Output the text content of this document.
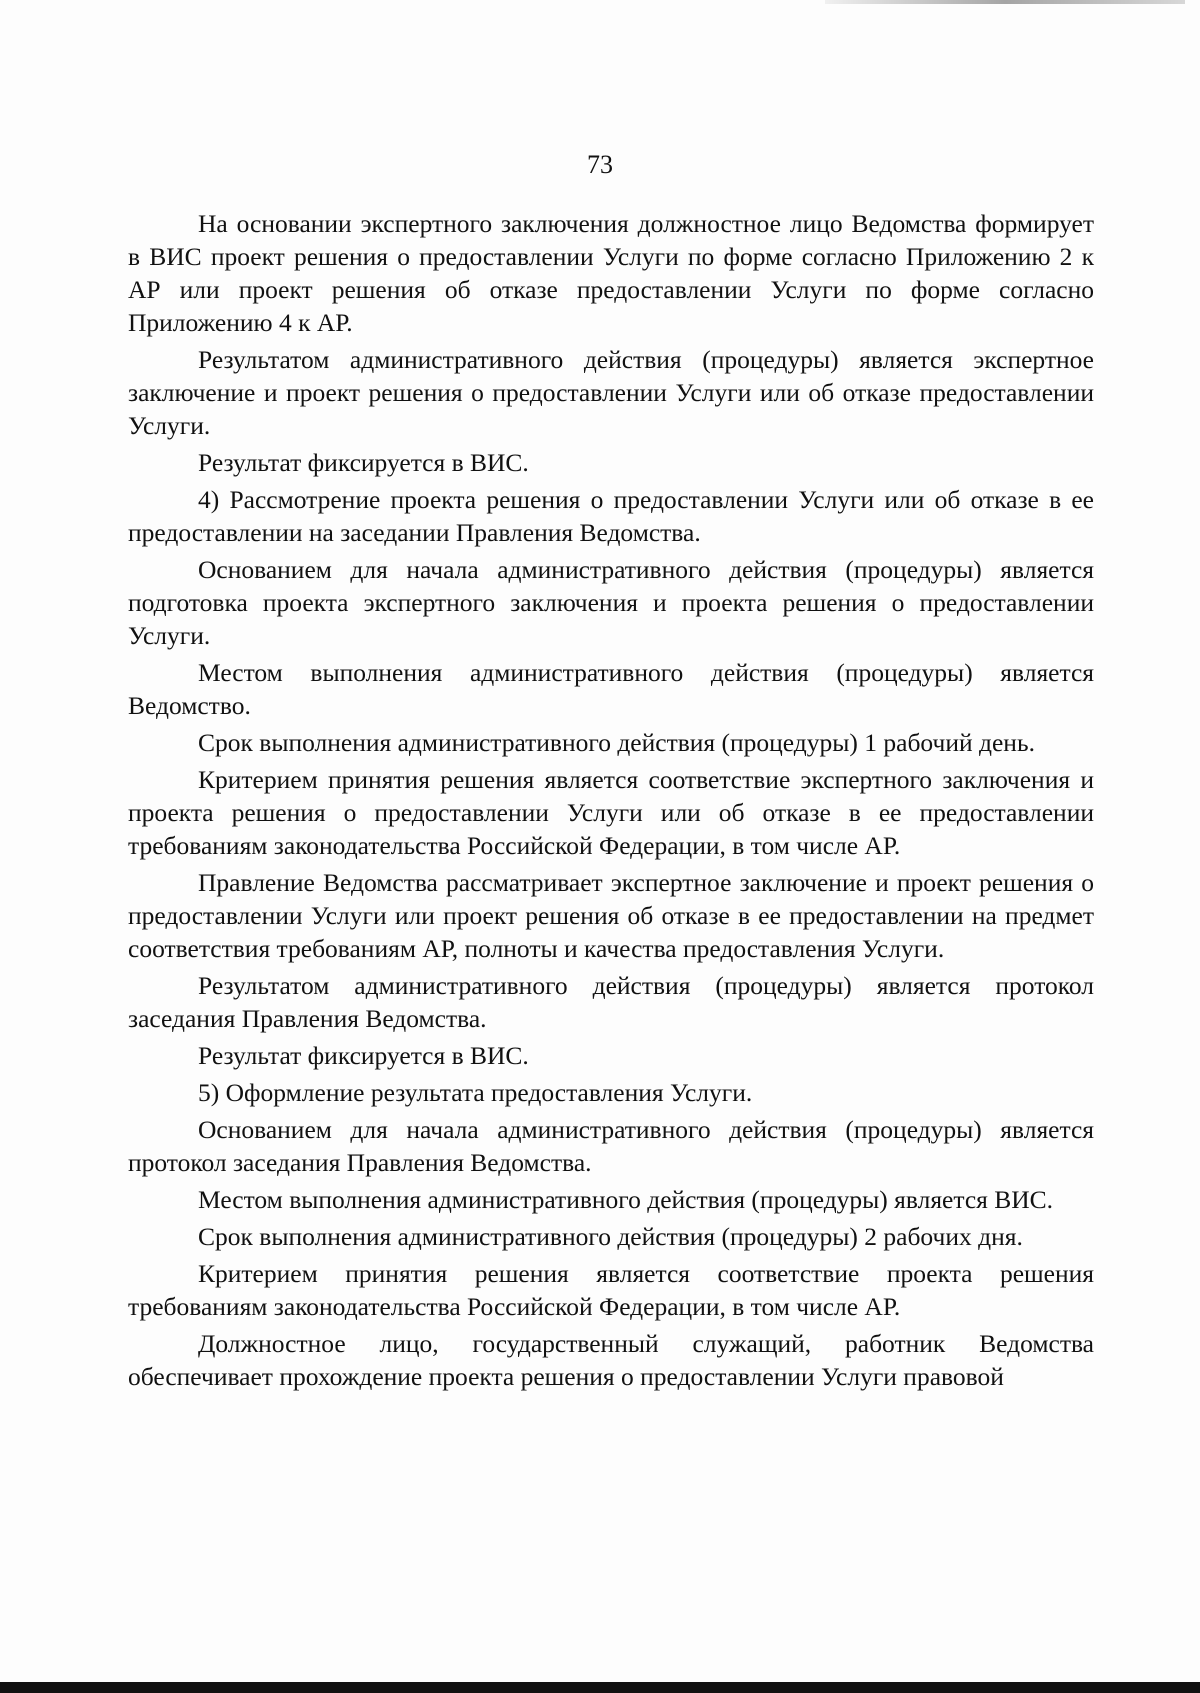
73

На основании экспертного заключения должностное лицо Ведомства формирует в ВИС проект решения о предоставлении Услуги по форме согласно Приложению 2 к АР или проект решения об отказе предоставлении Услуги по форме согласно Приложению 4 к АР.

Результатом административного действия (процедуры) является экспертное заключение и проект решения о предоставлении Услуги или об отказе предоставлении Услуги.

Результат фиксируется в ВИС.

4) Рассмотрение проекта решения о предоставлении Услуги или об отказе в ее предоставлении на заседании Правления Ведомства.

Основанием для начала административного действия (процедуры) является подготовка проекта экспертного заключения и проекта решения о предоставлении Услуги.

Местом выполнения административного действия (процедуры) является Ведомство.

Срок выполнения административного действия (процедуры) 1 рабочий день.

Критерием принятия решения является соответствие экспертного заключения и проекта решения о предоставлении Услуги или об отказе в ее предоставлении требованиям законодательства Российской Федерации, в том числе АР.

Правление Ведомства рассматривает экспертное заключение и проект решения о предоставлении Услуги или проект решения об отказе в ее предоставлении на предмет соответствия требованиям АР, полноты и качества предоставления Услуги.

Результатом административного действия (процедуры) является протокол заседания Правления Ведомства.

Результат фиксируется в ВИС.

5) Оформление результата предоставления Услуги.

Основанием для начала административного действия (процедуры) является протокол заседания Правления Ведомства.

Местом выполнения административного действия (процедуры) является ВИС.

Срок выполнения административного действия (процедуры) 2 рабочих дня.

Критерием принятия решения является соответствие проекта решения требованиям законодательства Российской Федерации, в том числе АР.

Должностное лицо, государственный служащий, работник Ведомства обеспечивает прохождение проекта решения о предоставлении Услуги правовой
